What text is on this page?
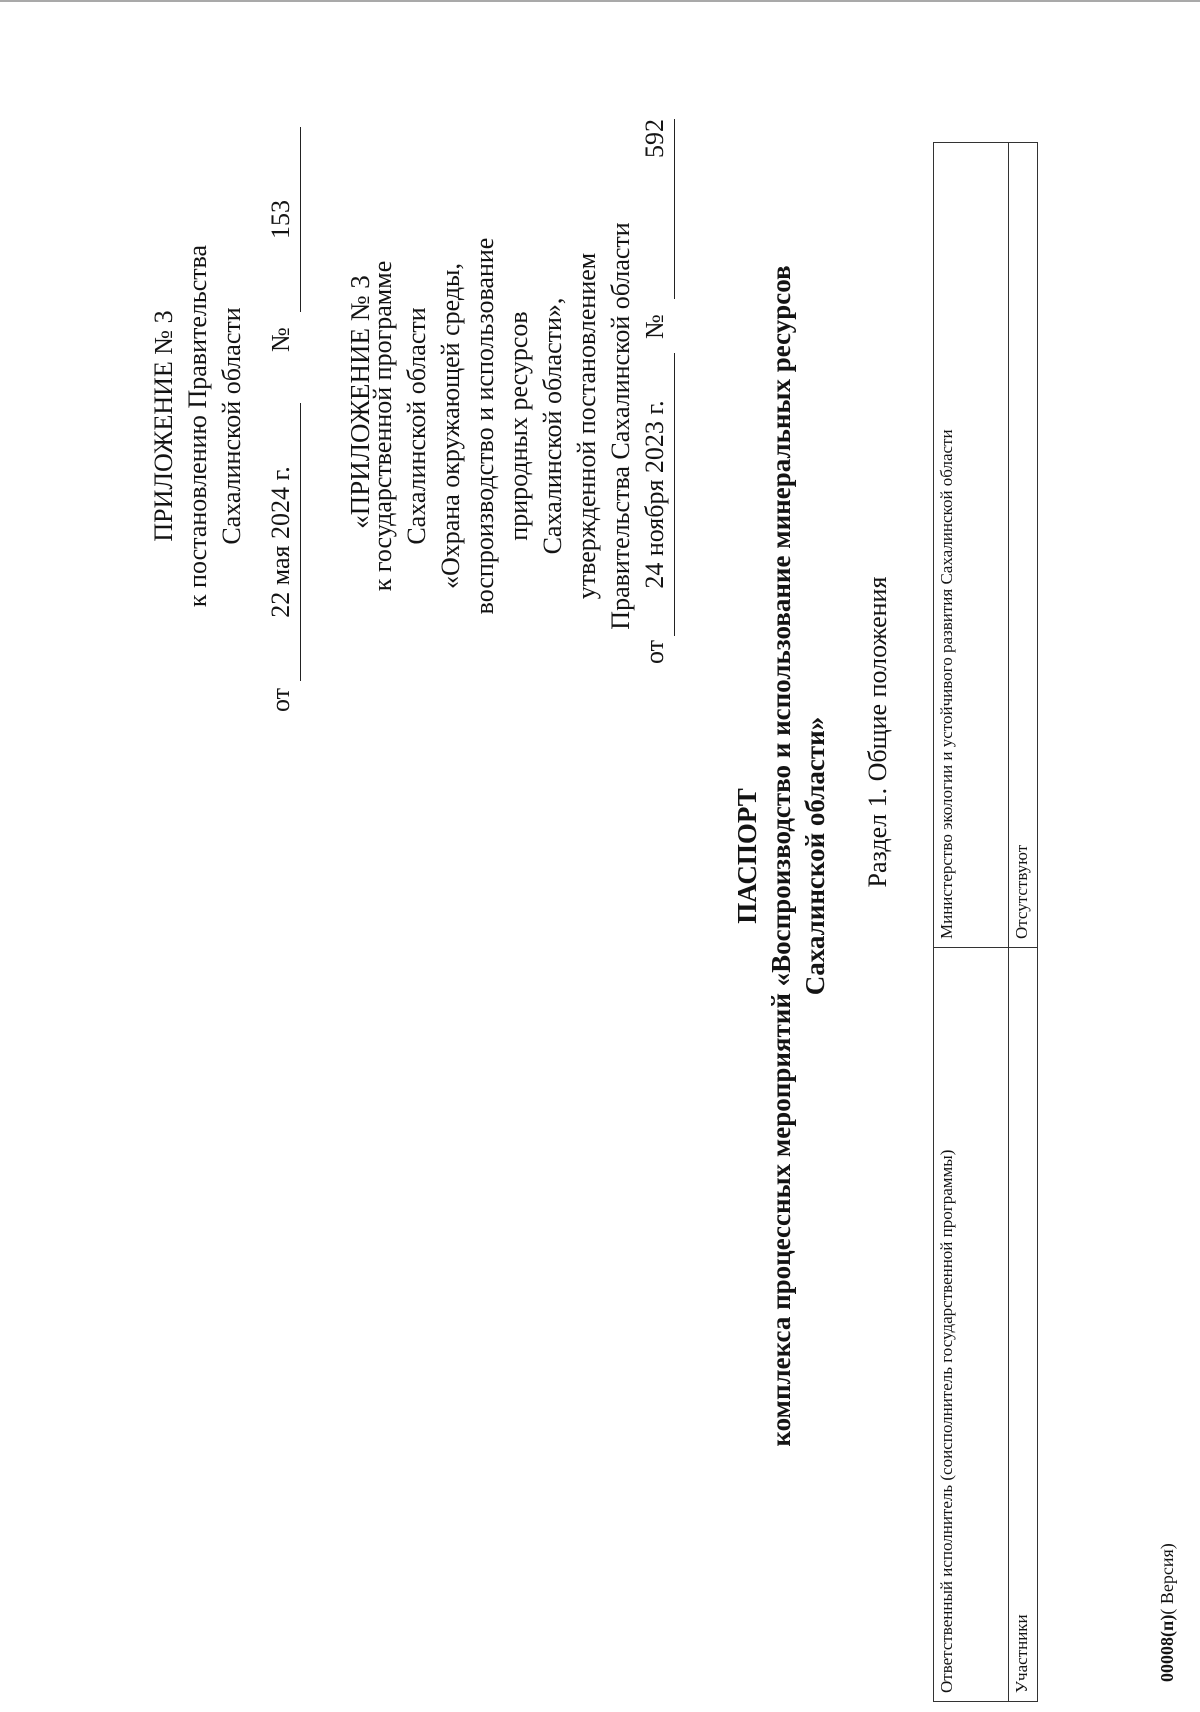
ПРИЛОЖЕНИЕ № 3 к постановлению Правительства Сахалинской области
от
22 мая 2024 г.
№
153
«ПРИЛОЖЕНИЕ № 3
к государственной программе Сахалинской области «Охрана окружающей среды, воспроизводство и использование природных ресурсов Сахалинской области», утвержденной постановлением Правительства Сахалинской области
от
24 ноября 2023 г.
№
592
ПАСПОРТ комплекса процессных мероприятий «Воспроизводство и использование минеральных ресурсов Сахалинской области» Раздел 1. Общие положения
Ответственный исполнитель (соисполнитель государственной программы)	Министерство экологии и устойчивого развития Сахалинской области
Участники	Отсутствуют
00008(п)( Версия)
